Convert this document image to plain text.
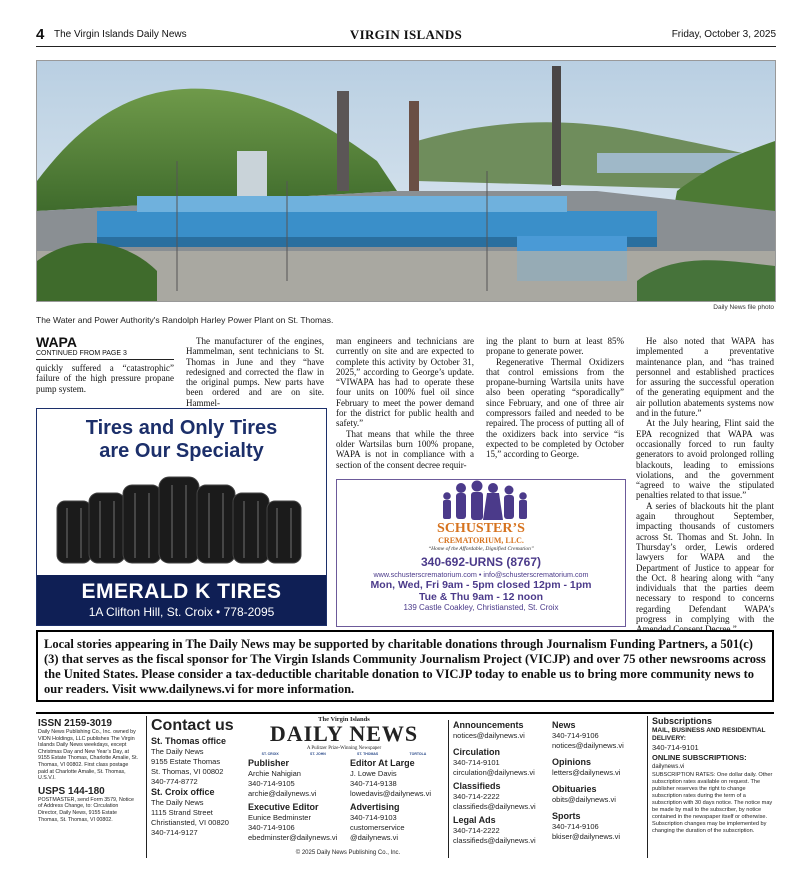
4 The Virgin Islands Daily News	VIRGIN ISLANDS	Friday, October 3, 2025
Daily News file photo
The Water and Power Authority's Randolph Harley Power Plant on St. Thomas.
WAPA
CONTINUED FROM PAGE 3

quickly suffered a “catastrophic” failure of the high pressure propane pump system.

The manufacturer of the engines, Hammelman, sent technicians to St. Thomas in June and they “have redesigned and corrected the flaw in the original pumps. New parts have been ordered and are on site. Hammel-

man engineers and technicians are currently on site and are expected to complete this activity by October 31, 2025,” according to George’s update. “VIWAPA has had to operate these four units on 100% fuel oil since February to meet the power demand for the district for public health and safety.”

That means that while the three older Wartsilas burn 100% propane, WAPA is not in compliance with a section of the consent decree requir-

ing the plant to burn at least 85% propane to generate power.

Regenerative Thermal Oxidizers that control emissions from the propane-burning Wartsila units have also been operating “sporadically” since February, and one of three air compressors failed and needed to be repaired. The process of putting all of the oxidizers back into service “is expected to be completed by October 15,” according to George.

He also noted that WAPA has implemented a preventative maintenance plan, and “has trained personnel and established practices for assuring the successful operation of the generating equipment and the air pollution abatements systems now and in the future.”

At the July hearing, Flint said the EPA recognized that WAPA was occasionally forced to run faulty generators to avoid prolonged rolling blackouts, leading to emissions violations, and the government “agreed to waive the stipulated penalties related to that issue.”

A series of blackouts hit the plant again throughout September, impacting thousands of customers across St. Thomas and St. John. In Thursday’s order, Lewis ordered lawyers for WAPA and the Department of Justice to appear for the Oct. 8 hearing along with “any individuals that the parties deem necessary to respond to concerns regarding Defendant WAPA’s progress in complying with the Amended Consent Decree.”

Tires and Only Tires
are Our Specialty
EMERALD K TIRES
1A Clifton Hill, St. Croix • 778-2095
SCHUSTER’S
CREMATORIUM, LLC.
“Home of the Affordable, Dignified Cremation”
340-692-URNS (8767)
www.schusterscrematorium.com • info@schusterscrematorium.com
Mon, Wed, Fri 9am - 5pm closed 12pm - 1pm
Tue & Thu 9am - 12 noon
139 Castle Coakley, Christiansted, St. Croix
Local stories appearing in The Daily News may be supported by charitable donations through Journalism Funding Partners, a 501(c)(3) that serves as the fiscal sponsor for The Virgin Islands Community Journalism Project (VICJP) and over 75 other newsrooms across the United States. Please consider a tax-deductible charitable donation to VICJP today to enable us to bring more community news to our readers. Visit www.dailynews.vi for more information.
ISSN 2159-3019
Daily News Publishing Co., Inc. owned by VIDN Holdings, LLC publishes The Virgin Islands Daily News weekdays, except Christmas Day and New Year’s Day, at 9155 Estate Thomas, Charlotte Amalie, St. Thomas, VI 00802. First class postage paid at Charlotte Amalie, St. Thomas, U.S.V.I.
USPS 144-180
POSTMASTER, send Form 3579, Notice of Address Change, to: Circulation Director, Daily News, 9155 Estate Thomas, St. Thomas, VI 00802.
Contact us
St. Thomas office
The Daily News
9155 Estate Thomas
St. Thomas, VI 00802
340-774-8772
St. Croix office
The Daily News
1115 Strand Street
Christiansted, VI 00820
340-714-9127
The Virgin Islands
DAILY NEWS
A Pulitzer Prize-Winning Newspaper
ST. CROIX	ST. JOHN	ST. THOMAS	TORTOLA
Publisher
Archie Nahigian
340-714-9105
archie@dailynews.vi
Executive Editor
Eunice Bedminster
340-714-9106
ebedminster@dailynews.vi
Editor At Large
J. Lowe Davis
340-714-9138
lowedavis@dailynews.vi
Advertising
340-714-9103
customerservice
@dailynews.vi
© 2025 Daily News Publishing Co., Inc.
Announcements
notices@dailynews.vi
Circulation
340-714-9101
circulation@dailynews.vi
Classifieds
340-714-2222
classifieds@dailynews.vi
Legal Ads
340-714-2222
classifieds@dailynews.vi
News
340-714-9106
notices@dailynews.vi
Opinions
letters@dailynews.vi
Obituaries
obits@dailynews.vi
Sports
340-714-9106
bkiser@dailynews.vi
Subscriptions
MAIL, BUSINESS AND RESIDENTIAL DELIVERY:
340-714-9101
ONLINE SUBSCRIPTIONS:
dailynews.vi
SUBSCRIPTION RATES: One dollar daily. Other subscription rates available on request. The publisher reserves the right to change subscription rates during the term of a subscription with 30 days notice. The notice may be made by mail to the subscriber, by notice contained in the newspaper itself or otherwise. Subscription changes may be implemented by changing the duration of the subscription.
